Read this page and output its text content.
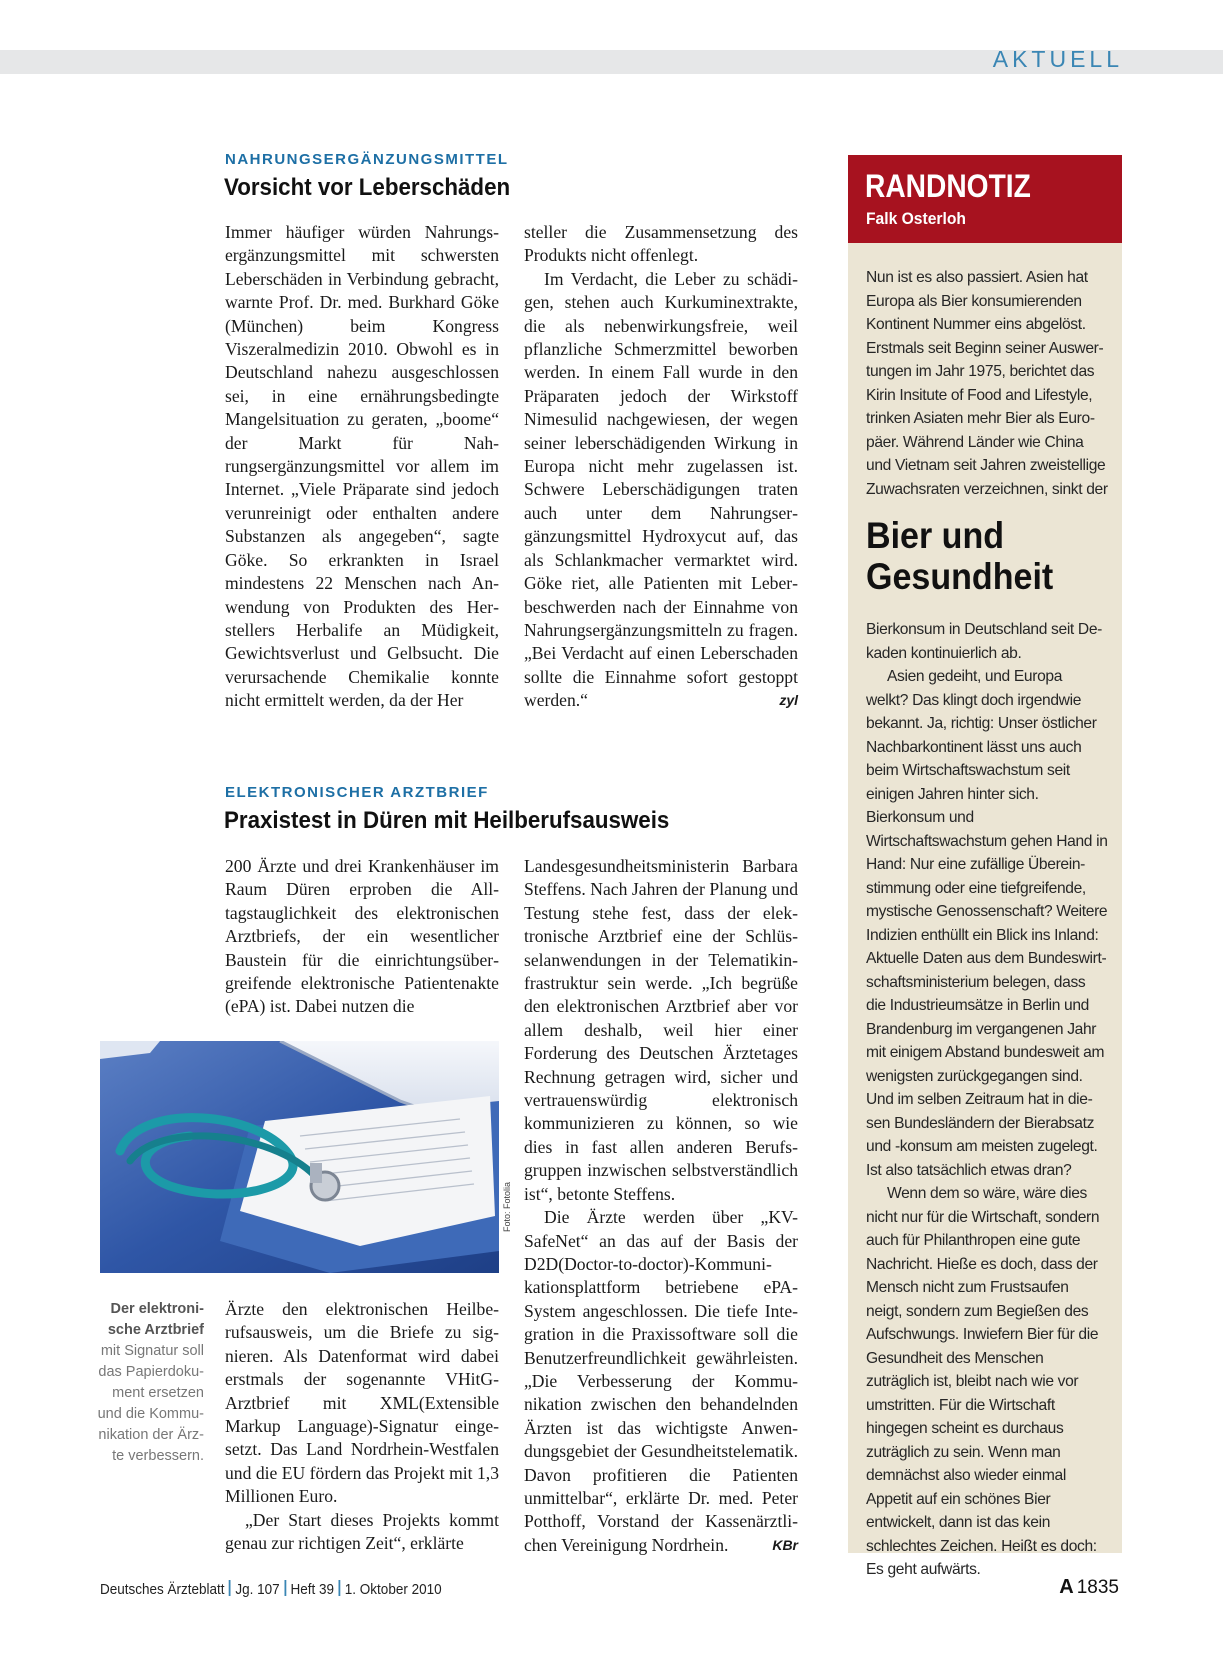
AKTUELL
NAHRUNGSERGÄNZUNGSMITTEL
Vorsicht vor Leberschäden

Immer häufiger würden Nahrungsergänzungsmittel mit schwersten Leberschäden in Verbindung gebracht, warnte Prof. Dr. med. Burkhard Göke (München) beim Kongress Viszeralmedizin 2010. Obwohl es in Deutschland nahezu ausgeschlossen sei, in eine ernährungsbedingte Mangelsituation zu geraten, „boome“ der Markt für Nahrungsergänzungsmittel vor allem im Internet. „Viele Präparate sind jedoch verunreinigt oder enthalten andere Substanzen als angegeben“, sagte Göke. So erkrankten in Israel mindestens 22 Menschen nach Anwendung von Produkten des Herstellers Herbalife an Müdigkeit, Gewichtsverlust und Gelbsucht. Die verursachende Chemikalie konnte nicht ermittelt werden, da der Her

steller die Zusammensetzung des Produkts nicht offenlegt.

Im Verdacht, die Leber zu schädigen, stehen auch Kurkuminextrakte, die als nebenwirkungsfreie, weil pflanzliche Schmerzmittel beworben werden. In einem Fall wurde in den Präparaten jedoch der Wirkstoff Nimesulid nachgewiesen, der wegen seiner leberschädigenden Wirkung in Europa nicht mehr zugelassen ist. Schwere Leberschädigungen traten auch unter dem Nahrungsergänzungsmittel Hydroxycut auf, das als Schlankmacher vermarktet wird. Göke riet, alle Patienten mit Leberbeschwerden nach der Einnahme von Nahrungsergänzungsmitteln zu fragen. „Bei Verdacht auf einen Leberschaden sollte die Einnahme sofort gestoppt werden.“	zyl

ELEKTRONISCHER ARZTBRIEF
Praxistest in Düren mit Heilberufsausweis

200 Ärzte und drei Krankenhäuser im Raum Düren erproben die Alltagstauglichkeit des elektronischen Arztbriefs, der ein wesentlicher Baustein für die einrichtungsübergreifende elektronische Patientenakte (ePA) ist. Dabei nutzen die

Foto: Fotolia
Der elektronische Arztbrief mit Signatur soll das Papierdokument ersetzen und die Kommunikation der Ärzte verbessern.

Ärzte den elektronischen Heilberufsausweis, um die Briefe zu signieren. Als Datenformat wird dabei erstmals der sogenannte VHitG-Arztbrief mit XML(Extensible Markup Language)-Signatur eingesetzt. Das Land Nordrhein-Westfalen und die EU fördern das Projekt mit 1,3 Millionen Euro.

„Der Start dieses Projekts kommt genau zur richtigen Zeit“, erklärte

Landesgesundheitsministerin Barbara Steffens. Nach Jahren der Planung und Testung stehe fest, dass der elektronische Arztbrief eine der Schlüsselanwendungen in der Telematikinfrastruktur sein werde. „Ich begrüße den elektronischen Arztbrief aber vor allem deshalb, weil hier einer Forderung des Deutschen Ärztetages Rechnung getragen wird, sicher und vertrauenswürdig elektronisch kommunizieren zu können, so wie dies in fast allen anderen Berufsgruppen inzwischen selbstverständlich ist“, betonte Steffens.

Die Ärzte werden über „KV-SafeNet“ an das auf der Basis der D2D(Doctor-to-doctor)-Kommunikationsplattform betriebene ePA-System angeschlossen. Die tiefe Integration in die Praxissoftware soll die Benutzerfreundlichkeit gewährleisten. „Die Verbesserung der Kommunikation zwischen den behandelnden Ärzten ist das wichtigste Anwendungsgebiet der Gesundheitstelematik. Davon profitieren die Patienten unmittelbar“, erklärte Dr. med. Peter Potthoff, Vorstand der Kassenärztlichen Vereinigung Nordrhein.	KBr

RANDNOTIZ
Falk Osterloh

Nun ist es also passiert. Asien hat Europa als Bier konsumierenden Kontinent Nummer eins abgelöst. Erstmals seit Beginn seiner Auswertungen im Jahr 1975, berichtet das Kirin Insitute of Food and Lifestyle, trinken Asiaten mehr Bier als Europäer. Während Länder wie China und Vietnam seit Jahren zweistellige Zuwachsraten verzeichnen, sinkt der

Bier und Gesundheit

Bierkonsum in Deutschland seit Dekaden kontinuierlich ab.

Asien gedeiht, und Europa welkt? Das klingt doch irgendwie bekannt. Ja, richtig: Unser östlicher Nachbarkontinent lässt uns auch beim Wirtschaftswachstum seit einigen Jahren hinter sich. Bierkonsum und Wirtschaftswachstum gehen Hand in Hand: Nur eine zufällige Übereinstimmung oder eine tiefgreifende, mystische Genossenschaft? Weitere Indizien enthüllt ein Blick ins Inland: Aktuelle Daten aus dem Bundeswirtschaftsministerium belegen, dass die Industrieumsätze in Berlin und Brandenburg im vergangenen Jahr mit einigem Abstand bundesweit am wenigsten zurückgegangen sind. Und im selben Zeitraum hat in diesen Bundesländern der Bierabsatz und -konsum am meisten zugelegt. Ist also tatsächlich etwas dran?

Wenn dem so wäre, wäre dies nicht nur für die Wirtschaft, sondern auch für Philanthropen eine gute Nachricht. Hieße es doch, dass der Mensch nicht zum Frustsaufen neigt, sondern zum Begießen des Aufschwungs. Inwiefern Bier für die Gesundheit des Menschen zuträglich ist, bleibt nach wie vor umstritten. Für die Wirtschaft hingegen scheint es durchaus zuträglich zu sein. Wenn man demnächst also wieder einmal Appetit auf ein schönes Bier entwickelt, dann ist das kein schlechtes Zeichen. Heißt es doch: Es geht aufwärts.

Deutsches Ärzteblatt Jg. 107 Heft 39 1. Oktober 2010	A 1835
